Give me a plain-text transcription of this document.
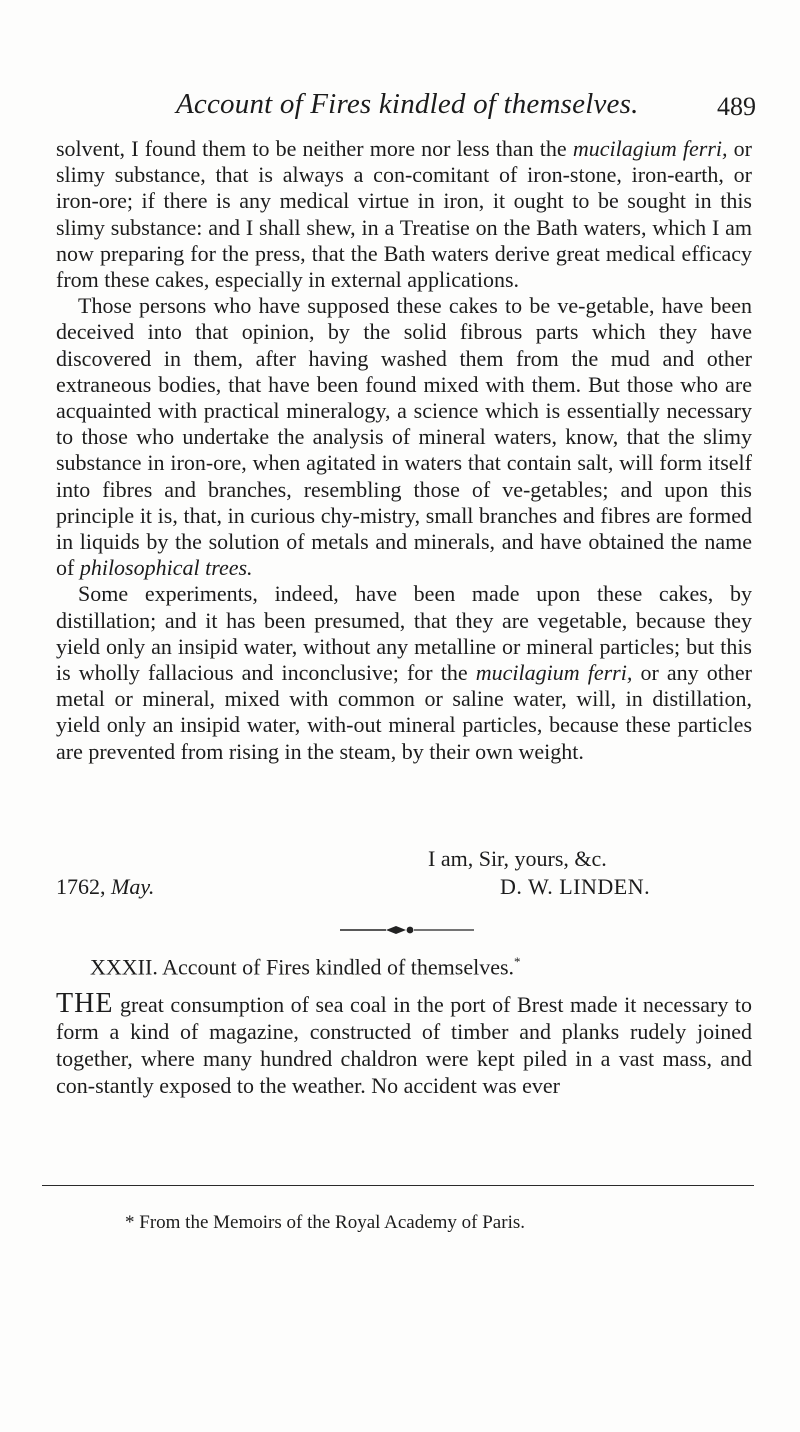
Account of Fires kindled of themselves.	489

solvent, I found them to be neither more nor less than the mucilagium ferri, or slimy substance, that is always a con-comitant of iron-stone, iron-earth, or iron-ore; if there is any medical virtue in iron, it ought to be sought in this slimy substance: and I shall shew, in a Treatise on the Bath waters, which I am now preparing for the press, that the Bath waters derive great medical efficacy from these cakes, especially in external applications.

Those persons who have supposed these cakes to be ve-getable, have been deceived into that opinion, by the solid fibrous parts which they have discovered in them, after having washed them from the mud and other extraneous bodies, that have been found mixed with them. But those who are acquainted with practical mineralogy, a science which is essentially necessary to those who undertake the analysis of mineral waters, know, that the slimy substance in iron-ore, when agitated in waters that contain salt, will form itself into fibres and branches, resembling those of ve-getables; and upon this principle it is, that, in curious chy-mistry, small branches and fibres are formed in liquids by the solution of metals and minerals, and have obtained the name of philosophical trees.

Some experiments, indeed, have been made upon these cakes, by distillation; and it has been presumed, that they are vegetable, because they yield only an insipid water, without any metalline or mineral particles; but this is wholly fallacious and inconclusive; for the mucilagium ferri, or any other metal or mineral, mixed with common or saline water, will, in distillation, yield only an insipid water, with-out mineral particles, because these particles are prevented from rising in the steam, by their own weight.

I am, Sir, yours, &c.
1762, May.	D. W. LINDEN.
XXXII. Account of Fires kindled of themselves.*
THE great consumption of sea coal in the port of Brest made it necessary to form a kind of magazine, constructed of timber and planks rudely joined together, where many hundred chaldron were kept piled in a vast mass, and con-stantly exposed to the weather. No accident was ever
* From the Memoirs of the Royal Academy of Paris.
